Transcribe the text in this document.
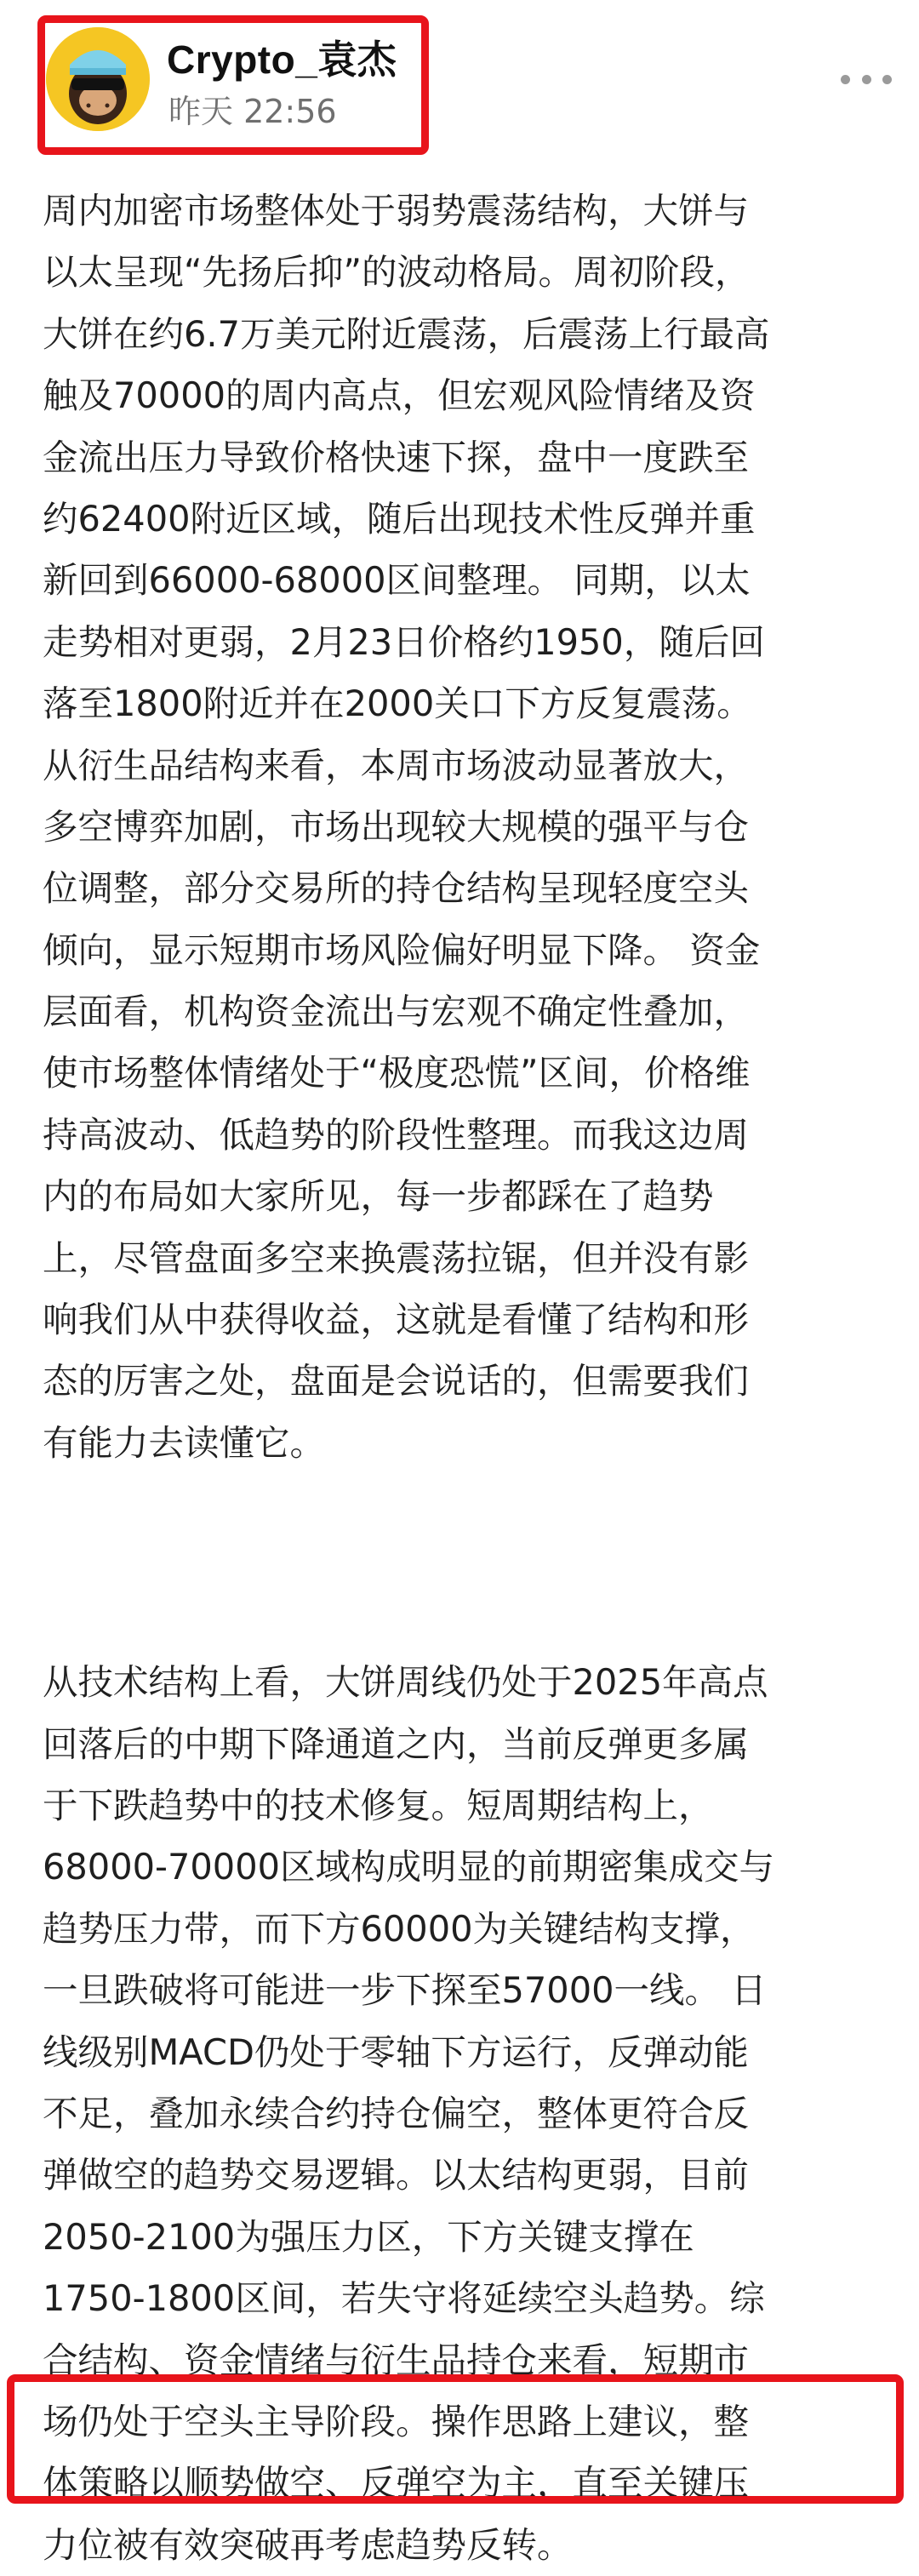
Crypto_袁杰
昨天 22:56
周内加密市场整体处于弱势震荡结构，大饼与
以太呈现“先扬后抑”的波动格局。周初阶段，
大饼在约6.7万美元附近震荡，后震荡上行最高
触及70000的周内高点，但宏观风险情绪及资
金流出压力导致价格快速下探，盘中一度跌至
约62400附近区域，随后出现技术性反弹并重
新回到66000-68000区间整理。 同期，以太
走势相对更弱，2月23日价格约1950，随后回
落至1800附近并在2000关口下方反复震荡。
从衍生品结构来看，本周市场波动显著放大，
多空博弈加剧，市场出现较大规模的强平与仓
位调整，部分交易所的持仓结构呈现轻度空头
倾向，显示短期市场风险偏好明显下降。 资金
层面看，机构资金流出与宏观不确定性叠加，
使市场整体情绪处于“极度恐慌”区间，价格维
持高波动、低趋势的阶段性整理。而我这边周
内的布局如大家所见，每一步都踩在了趋势
上，尽管盘面多空来换震荡拉锯，但并没有影
响我们从中获得收益，这就是看懂了结构和形
态的厉害之处，盘面是会说话的，但需要我们
有能力去读懂它。
从技术结构上看，大饼周线仍处于2025年高点
回落后的中期下降通道之内，当前反弹更多属
于下跌趋势中的技术修复。短周期结构上，
68000-70000区域构成明显的前期密集成交与
趋势压力带，而下方60000为关键结构支撑，
一旦跌破将可能进一步下探至57000一线。 日
线级别MACD仍处于零轴下方运行，反弹动能
不足，叠加永续合约持仓偏空，整体更符合反
弹做空的趋势交易逻辑。以太结构更弱，目前
2050-2100为强压力区，下方关键支撑在
1750-1800区间，若失守将延续空头趋势。综
合结构、资金情绪与衍生品持仓来看，短期市
场仍处于空头主导阶段。操作思路上建议，整
体策略以顺势做空、反弹空为主，直至关键压
力位被有效突破再考虑趋势反转。
